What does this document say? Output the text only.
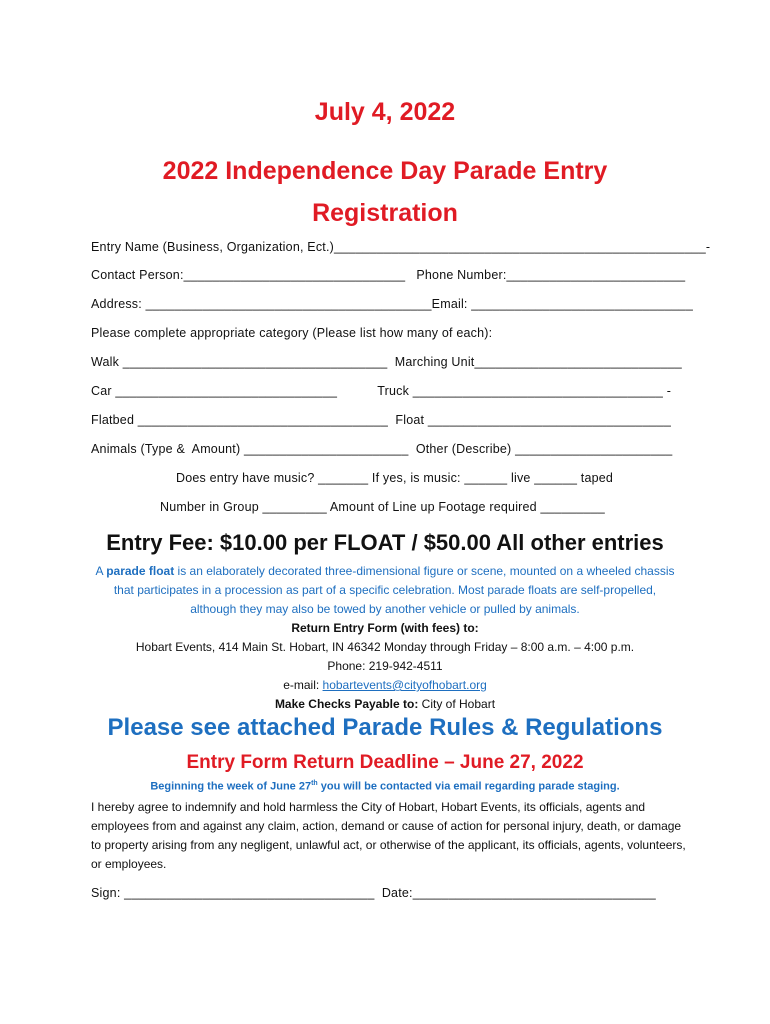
July 4, 2022
2022 Independence Day Parade Entry
Registration
Entry Name (Business, Organization, Ect.)____________________________________________________-
Contact Person:_______________________________   Phone Number:_________________________
Address: ________________________________________Email: _______________________________
Please complete appropriate category (Please list how many of each):
Walk _____________________________________  Marching Unit_____________________________
Car _______________________________           Truck ___________________________________ -
Flatbed ___________________________________  Float __________________________________
Animals (Type &  Amount) _______________________  Other (Describe) ______________________
Does entry have music? _______ If yes, is music: ______ live ______ taped
Number in Group _________ Amount of Line up Footage required _________
Entry Fee: $10.00 per FLOAT / $50.00 All other entries
A parade float is an elaborately decorated three-dimensional figure or scene, mounted on a wheeled chassis that participates in a procession as part of a specific celebration. Most parade floats are self-propelled, although they may also be towed by another vehicle or pulled by animals.
Return Entry Form (with fees) to:
Hobart Events, 414 Main St. Hobart, IN 46342 Monday through Friday – 8:00 a.m. – 4:00 p.m.
Phone: 219-942-4511
e-mail: hobartevents@cityofhobart.org
Make Checks Payable to: City of Hobart
Please see attached Parade Rules & Regulations
Entry Form Return Deadline – June 27, 2022
Beginning the week of June 27th you will be contacted via email regarding parade staging.
I hereby agree to indemnify and hold harmless the City of Hobart, Hobart Events, its officials, agents and employees from and against any claim, action, demand or cause of action for personal injury, death, or damage to property arising from any negligent, unlawful act, or otherwise of the applicant, its officials, agents, volunteers, or employees.
Sign: ___________________________________  Date:__________________________________
